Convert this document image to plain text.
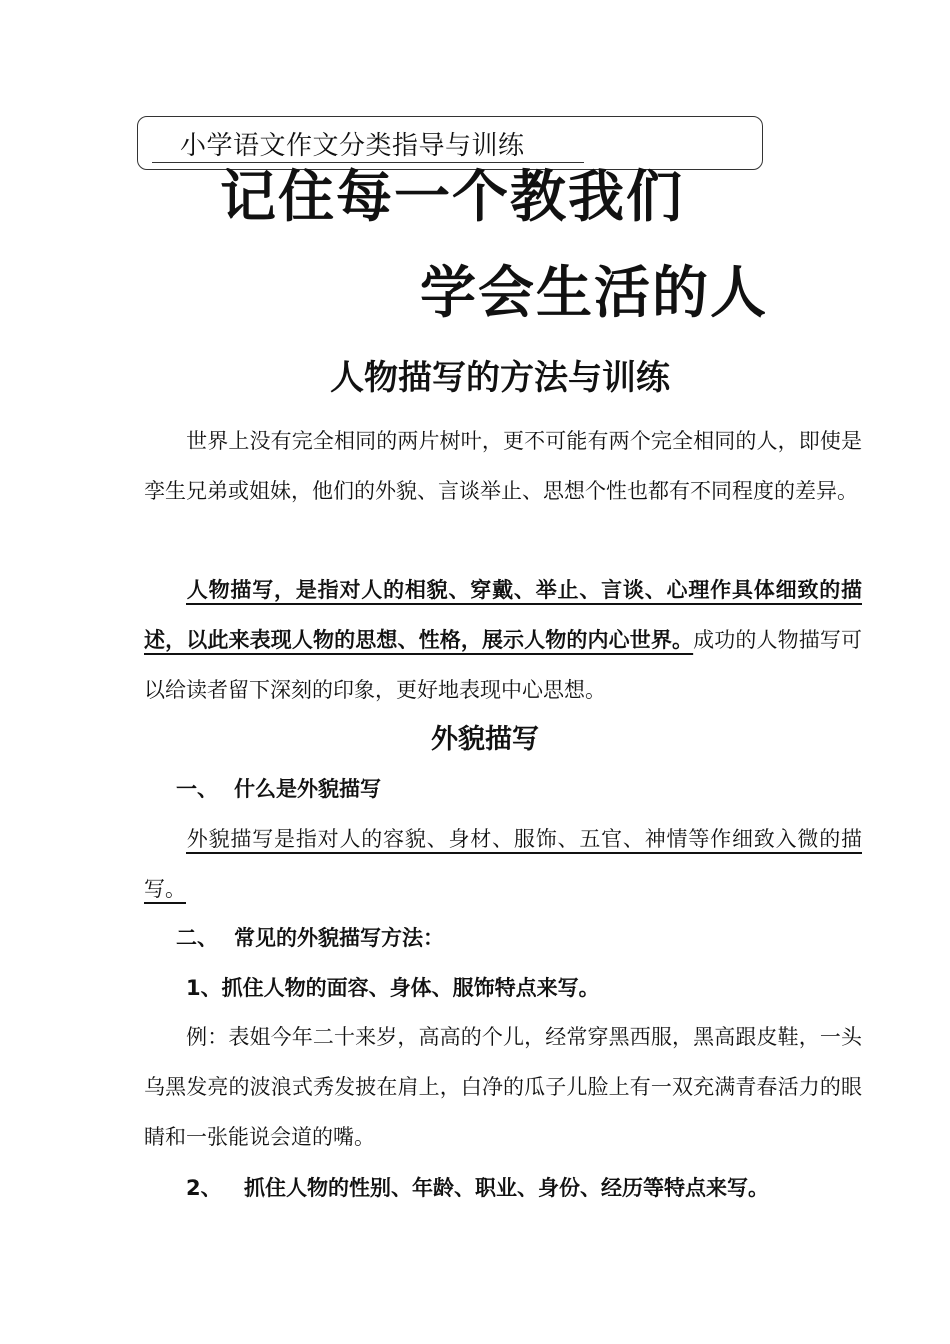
小学语文作文分类指导与训练
记住每一个教我们
学会生活的人
人物描写的方法与训练
世界上没有完全相同的两片树叶，更不可能有两个完全相同的人，即使是孪生兄弟或姐妹，他们的外貌、言谈举止、思想个性也都有不同程度的差异。
人物描写，是指对人的相貌、穿戴、举止、言谈、心理作具体细致的描述，以此来表现人物的思想、性格，展示人物的内心世界。成功的人物描写可以给读者留下深刻的印象，更好地表现中心思想。
外貌描写
一、 什么是外貌描写
外貌描写是指对人的容貌、身材、服饰、五官、神情等作细致入微的描写。
二、 常见的外貌描写方法：
1、抓住人物的面容、身体、服饰特点来写。
例：表姐今年二十来岁，高高的个儿，经常穿黑西服，黑高跟皮鞋，一头乌黑发亮的波浪式秀发披在肩上，白净的瓜子儿脸上有一双充满青春活力的眼睛和一张能说会道的嘴。
2、 抓住人物的性别、年龄、职业、身份、经历等特点来写。
